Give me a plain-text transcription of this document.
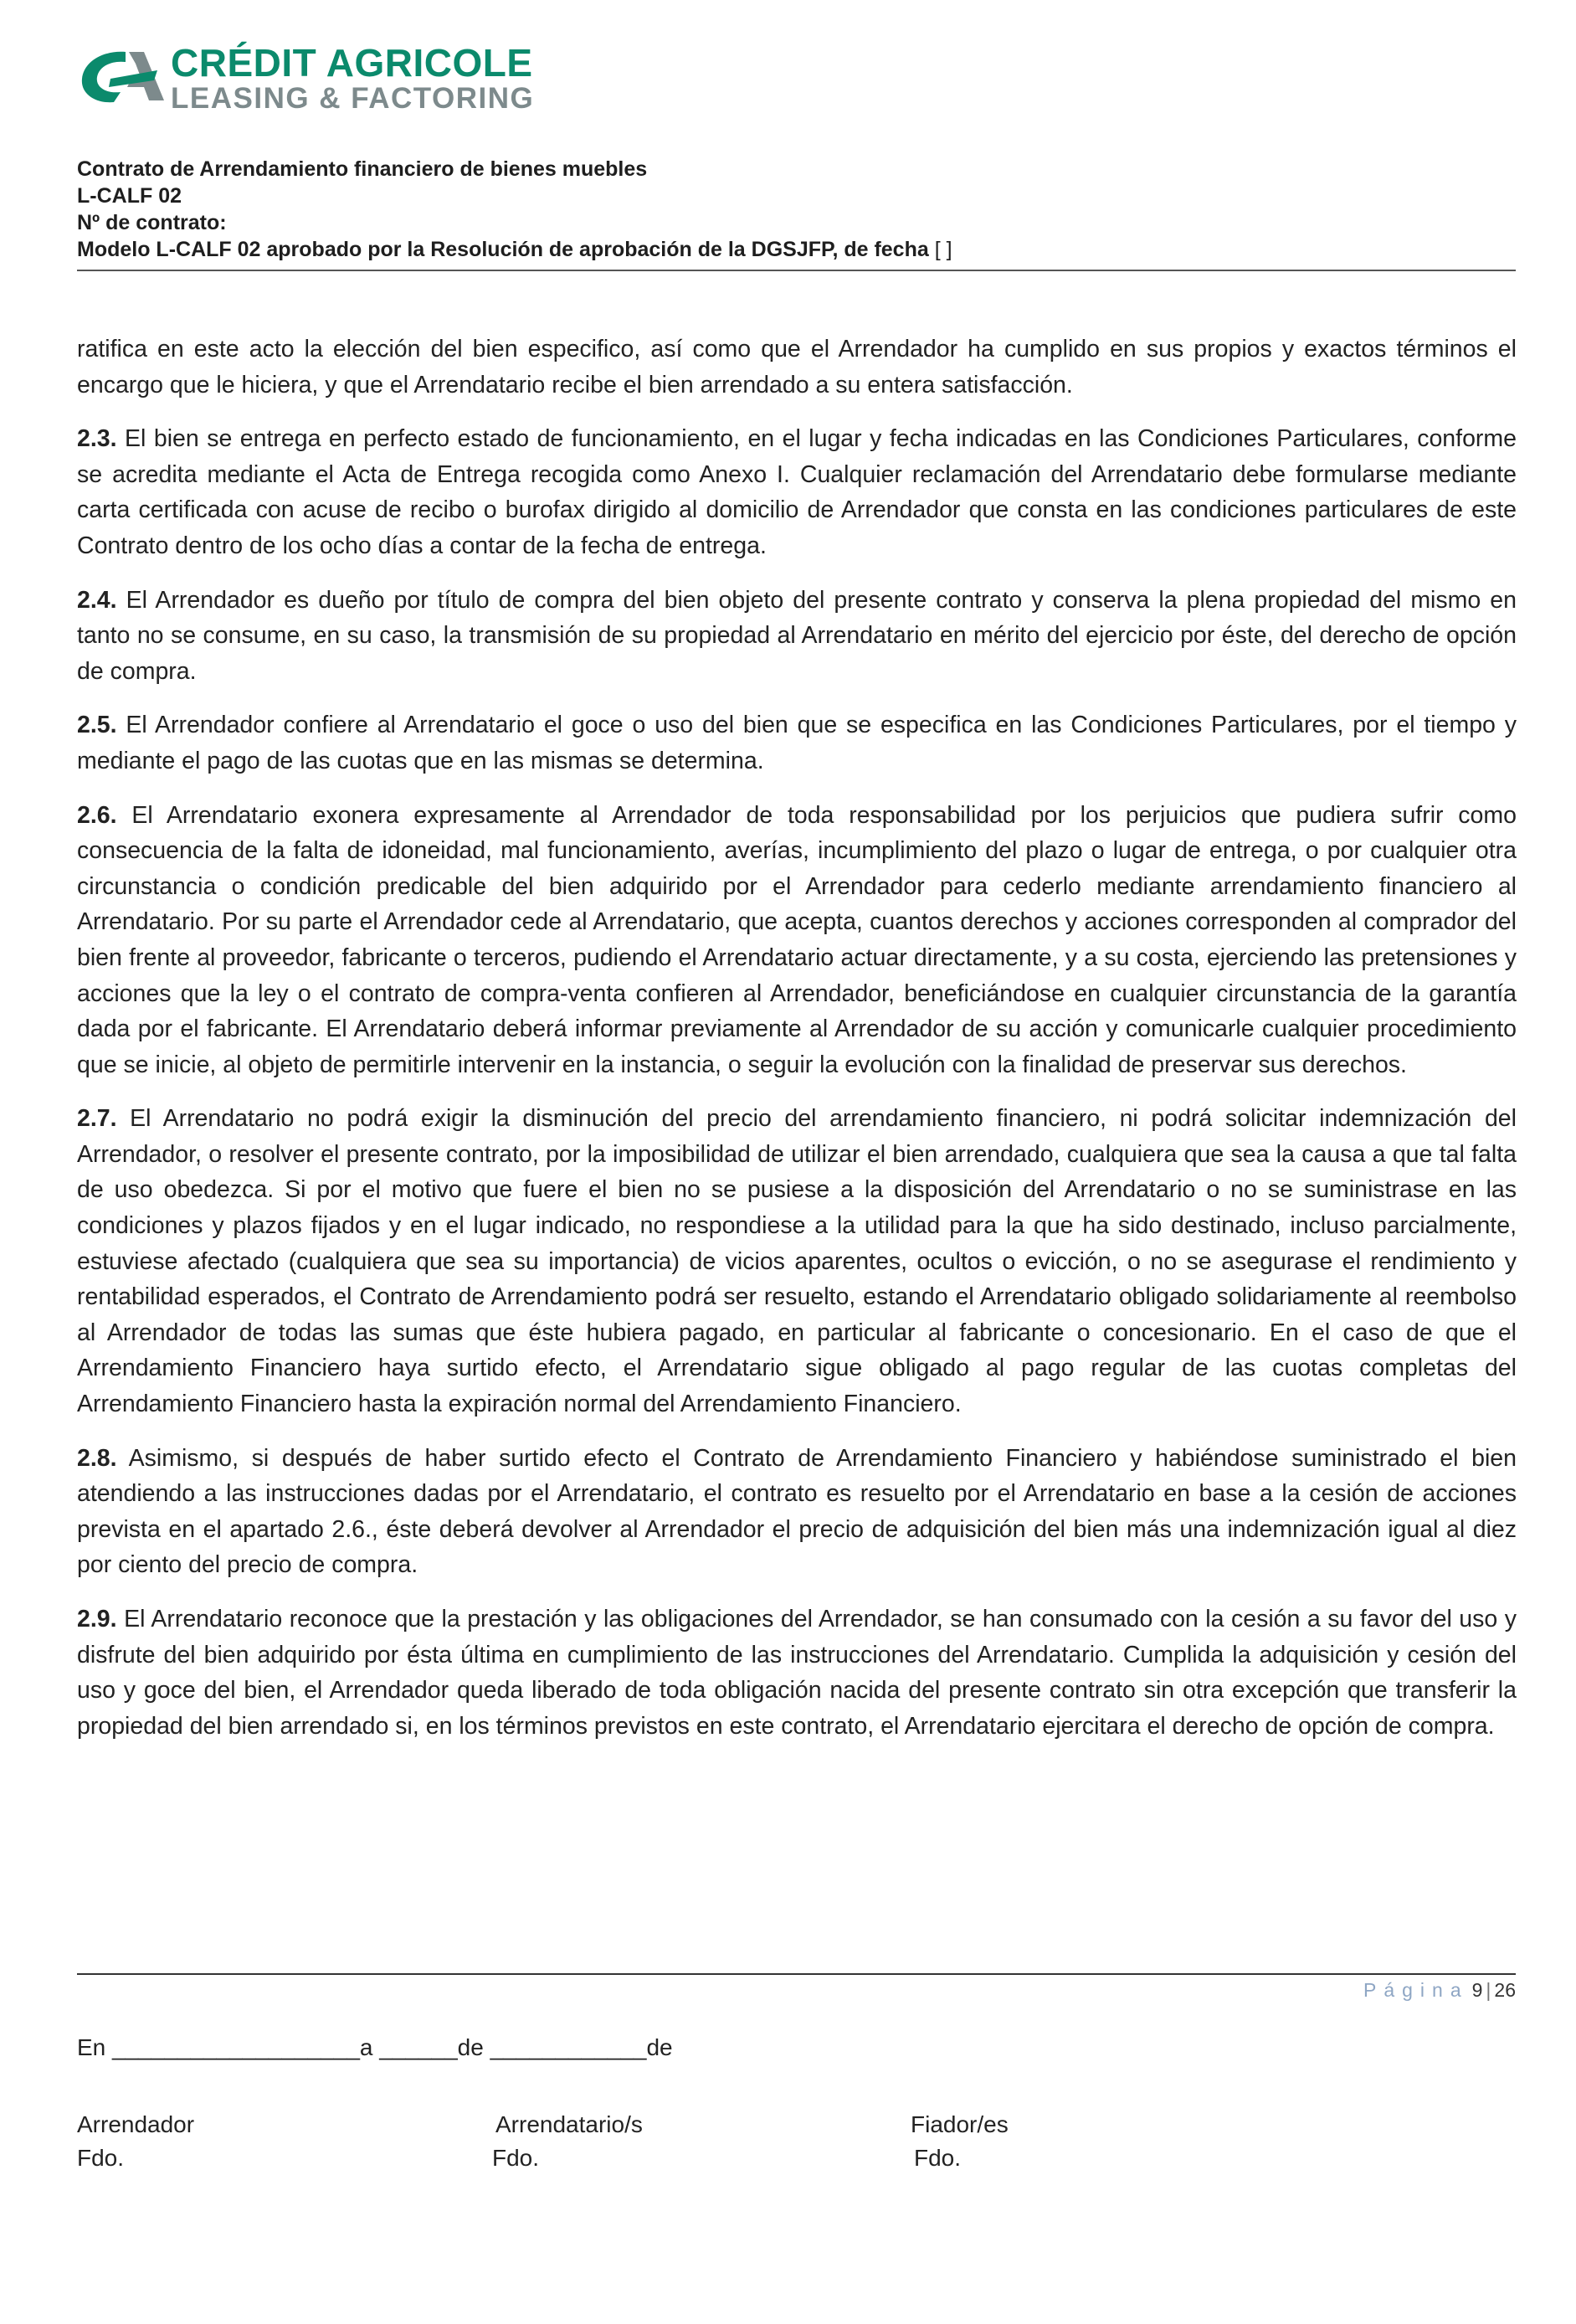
CRÉDIT AGRICOLE
LEASING & FACTORING
Contrato de Arrendamiento financiero de bienes muebles
L-CALF 02
Nº de contrato:
Modelo L-CALF 02 aprobado por la Resolución de aprobación de la DGSJFP, de fecha [ ]

ratifica en este acto la elección del bien especifico, así como que el Arrendador ha cumplido en sus propios y exactos términos el encargo que le hiciera, y que el Arrendatario recibe el bien arrendado a su entera satisfacción.

2.3. El bien se entrega en perfecto estado de funcionamiento, en el lugar y fecha indicadas en las Condiciones Particulares, conforme se acredita mediante el Acta de Entrega recogida como Anexo I. Cualquier reclamación del Arrendatario debe formularse mediante carta certificada con acuse de recibo o burofax dirigido al domicilio de Arrendador que consta en las condiciones particulares de este Contrato dentro de los ocho días a contar de la fecha de entrega.

2.4. El Arrendador es dueño por título de compra del bien objeto del presente contrato y conserva la plena propiedad del mismo en tanto no se consume, en su caso, la transmisión de su propiedad al Arrendatario en mérito del ejercicio por éste, del derecho de opción de compra.

2.5. El Arrendador confiere al Arrendatario el goce o uso del bien que se especifica en las Condiciones Particulares, por el tiempo y mediante el pago de las cuotas que en las mismas se determina.

2.6. El Arrendatario exonera expresamente al Arrendador de toda responsabilidad por los perjuicios que pudiera sufrir como consecuencia de la falta de idoneidad, mal funcionamiento, averías, incumplimiento del plazo o lugar de entrega, o por cualquier otra circunstancia o condición predicable del bien adquirido por el Arrendador para cederlo mediante arrendamiento financiero al Arrendatario. Por su parte el Arrendador cede al Arrendatario, que acepta, cuantos derechos y acciones corresponden al comprador del bien frente al proveedor, fabricante o terceros, pudiendo el Arrendatario actuar directamente, y a su costa, ejerciendo las pretensiones y acciones que la ley o el contrato de compra-venta confieren al Arrendador, beneficiándose en cualquier circunstancia de la garantía dada por el fabricante. El Arrendatario deberá informar previamente al Arrendador de su acción y comunicarle cualquier procedimiento que se inicie, al objeto de permitirle intervenir en la instancia, o seguir la evolución con la finalidad de preservar sus derechos.

2.7. El Arrendatario no podrá exigir la disminución del precio del arrendamiento financiero, ni podrá solicitar indemnización del Arrendador, o resolver el presente contrato, por la imposibilidad de utilizar el bien arrendado, cualquiera que sea la causa a que tal falta de uso obedezca. Si por el motivo que fuere el bien no se pusiese a la disposición del Arrendatario o no se suministrase en las condiciones y plazos fijados y en el lugar indicado, no respondiese a la utilidad para la que ha sido destinado, incluso parcialmente, estuviese afectado (cualquiera que sea su importancia) de vicios aparentes, ocultos o evicción, o no se asegurase el rendimiento y rentabilidad esperados, el Contrato de Arrendamiento podrá ser resuelto, estando el Arrendatario obligado solidariamente al reembolso al Arrendador de todas las sumas que éste hubiera pagado, en particular al fabricante o concesionario. En el caso de que el Arrendamiento Financiero haya surtido efecto, el Arrendatario sigue obligado al pago regular de las cuotas completas del Arrendamiento Financiero hasta la expiración normal del Arrendamiento Financiero.

2.8. Asimismo, si después de haber surtido efecto el Contrato de Arrendamiento Financiero y habiéndose suministrado el bien atendiendo a las instrucciones dadas por el Arrendatario, el contrato es resuelto por el Arrendatario en base a la cesión de acciones prevista en el apartado 2.6., éste deberá devolver al Arrendador el precio de adquisición del bien más una indemnización igual al diez por ciento del precio de compra.

2.9. El Arrendatario reconoce que la prestación y las obligaciones del Arrendador, se han consumado con la cesión a su favor del uso y disfrute del bien adquirido por ésta última en cumplimiento de las instrucciones del Arrendatario. Cumplida la adquisición y cesión del uso y goce del bien, el Arrendador queda liberado de toda obligación nacida del presente contrato sin otra excepción que transferir la propiedad del bien arrendado si, en los términos previstos en este contrato, el Arrendatario ejercitara el derecho de opción de compra.

Página 9 | 26
En ___________________a ______de ____________de
Arrendador
Fdo.
Arrendatario/s
Fdo.
Fiador/es
Fdo.
